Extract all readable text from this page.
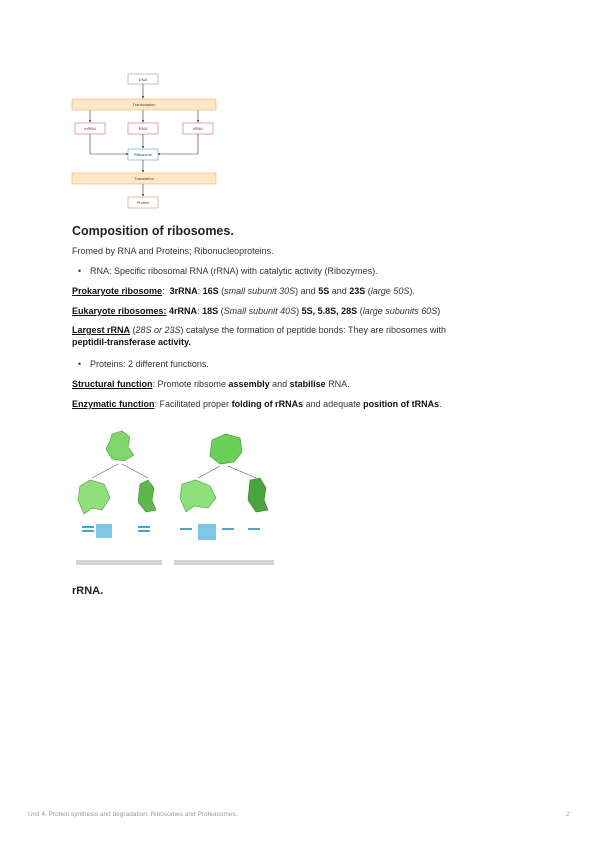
DNA
Transcription
mRNA	RNA	tRNA
Ribosome
Translation
Protein
Composition of ribosomes.

Fromed by RNA and Proteins; Ribonucleoproteins.

• RNA: Specific ribosomal RNA (rRNA) with catalytic activity (Ribozymes).

Prokaryote ribosome: 3rRNA: 16S (small subunit 30S) and 5S and 23S (large 50S).

Eukaryote ribosomes: 4rRNA: 18S (Small subunit 40S) 5S, 5.8S, 28S (large subunits 60S)

Largest rRNA (28S or 23S) catalyse the formation of peptide bonds: They are ribosomes with
peptidil-transferase activity.

• Proteins: 2 different functions.

Structural function: Promote ribsome assembly and stabilise RNA.

Enzymatic function: Facilitated proper folding of rRNAs and adequate position of tRNAs.

rRNA.
Unit 4. Protein synthesis and degradation: Ribosomes and Proteasomes.	2
